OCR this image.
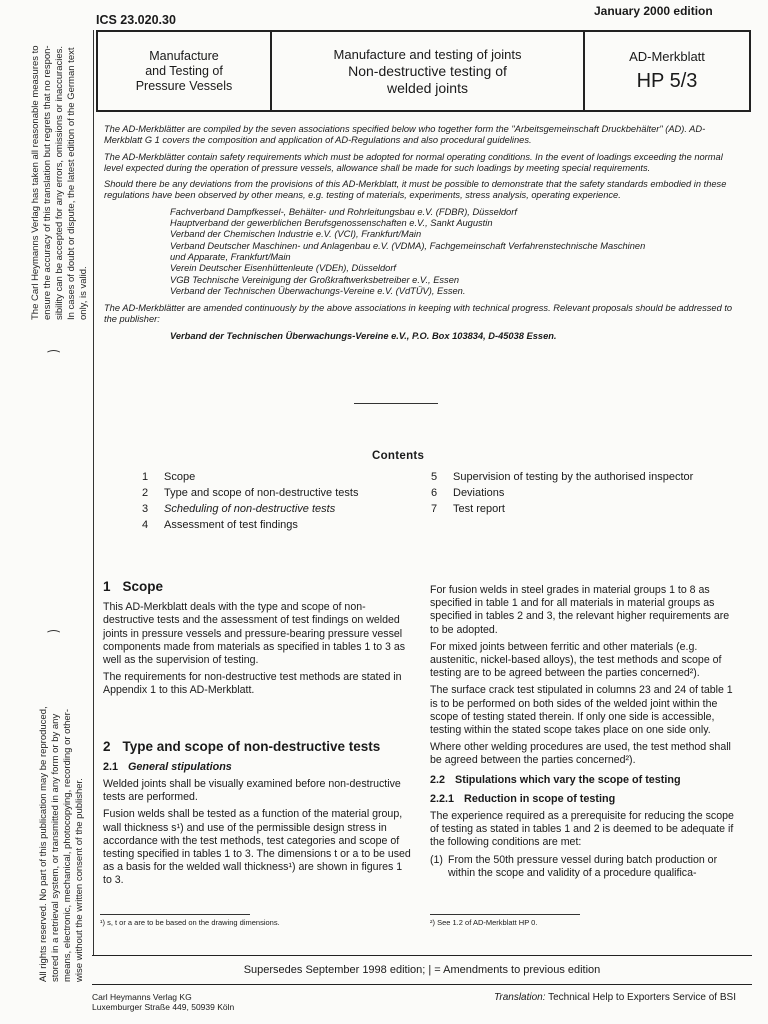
The Carl Heymanns Verlag has taken all reasonable measures to ensure the accuracy of this translation but regrets that no respon- sibility can be accepted for any errors, omissions or inaccuracies. In cases of doubt or dispute, the latest edition of the German text only, is valid.
All rights reserved. No part of this publication may be reproduced, stored in a retrieval system, or transmitted in any form or by any means, electronic, mechanical, photocopying, recording or other- wise without the written consent of the publisher.
⁀
⁀
ICS 23.020.30
January 2000 edition
Manufacture
and Testing of
Pressure Vessels
Manufacture and testing of joints
Non-destructive testing of
welded joints
AD-Merkblatt
HP 5/3

The AD-Merkblätter are compiled by the seven associations specified below who together form the "Arbeitsgemeinschaft Druckbehälter" (AD). AD-Merkblatt G 1 covers the composition and application of AD-Regulations and also procedural guidelines.

The AD-Merkblätter contain safety requirements which must be adopted for normal operating conditions. In the event of loadings exceeding the normal level expected during the operation of pressure vessels, allowance shall be made for such loadings by meeting special requirements.

Should there be any deviations from the provisions of this AD-Merkblatt, it must be possible to demonstrate that the safety standards embodied in these regulations have been observed by other means, e.g. testing of materials, experiments, stress analysis, operating experience.

Fachverband Dampfkessel-, Behälter- und Rohrleitungsbau e.V. (FDBR), Düsseldorf
Hauptverband der gewerblichen Berufsgenossenschaften e.V., Sankt Augustin
Verband der Chemischen Industrie e.V. (VCI), Frankfurt/Main
Verband Deutscher Maschinen- und Anlagenbau e.V. (VDMA), Fachgemeinschaft Verfahrenstechnische Maschinen
und Apparate, Frankfurt/Main
Verein Deutscher Eisenhüttenleute (VDEh), Düsseldorf
VGB Technische Vereinigung der Großkraftwerksbetreiber e.V., Essen
Verband der Technischen Überwachungs-Vereine e.V. (VdTÜV), Essen.

The AD-Merkblätter are amended continuously by the above associations in keeping with technical progress. Relevant proposals should be addressed to the publisher:

Verband der Technischen Überwachungs-Vereine e.V., P.O. Box 103834, D-45038 Essen.

Contents
1	Scope
2	Type and scope of non-destructive tests
3	Scheduling of non-destructive tests
4	Assessment of test findings
5	Supervision of testing by the authorised inspector
6	Deviations
7	Test report
1 Scope

This AD-Merkblatt deals with the type and scope of non-destructive tests and the assessment of test findings on welded joints in pressure vessels and pressure-bearing pressure vessel components made from materials as specified in tables 1 to 3 as well as the supervision of testing.

The requirements for non-destructive test methods are stated in Appendix 1 to this AD-Merkblatt.

2 Type and scope of non-destructive tests
2.1 General stipulations

Welded joints shall be visually examined before non-destructive tests are performed.

Fusion welds shall be tested as a function of the material group, wall thickness s¹) and use of the permissible design stress in accordance with the test methods, test categories and scope of testing specified in tables 1 to 3. The dimensions t or a to be used as a basis for the welded wall thickness¹) are shown in figures 1 to 3.

For fusion welds in steel grades in material groups 1 to 8 as specified in table 1 and for all materials in material groups as specified in tables 2 and 3, the relevant higher requirements are to be adopted.

For mixed joints between ferritic and other materials (e.g. austenitic, nickel-based alloys), the test methods and scope of testing are to be agreed between the parties concerned²).

The surface crack test stipulated in columns 23 and 24 of table 1 is to be performed on both sides of the welded joint within the scope of testing stated therein. If only one side is accessible, testing within the stated scope takes place on one side only.

Where other welding procedures are used, the test method shall be agreed between the parties concerned²).

2.2 Stipulations which vary the scope of testing
2.2.1 Reduction in scope of testing

The experience required as a prerequisite for reducing the scope of testing as stated in tables 1 and 2 is deemed to be adequate if the following conditions are met:

(1) From the 50th pressure vessel during batch production or within the scope and validity of a procedure qualifica-
¹) s, t or a are to be based on the drawing dimensions.	²) See 1.2 of AD-Merkblatt HP 0.
Supersedes September 1998 edition; | = Amendments to previous edition
Carl Heymanns Verlag KG
Luxemburger Straße 449, 50939 Köln
Translation: Technical Help to Exporters Service of BSI
